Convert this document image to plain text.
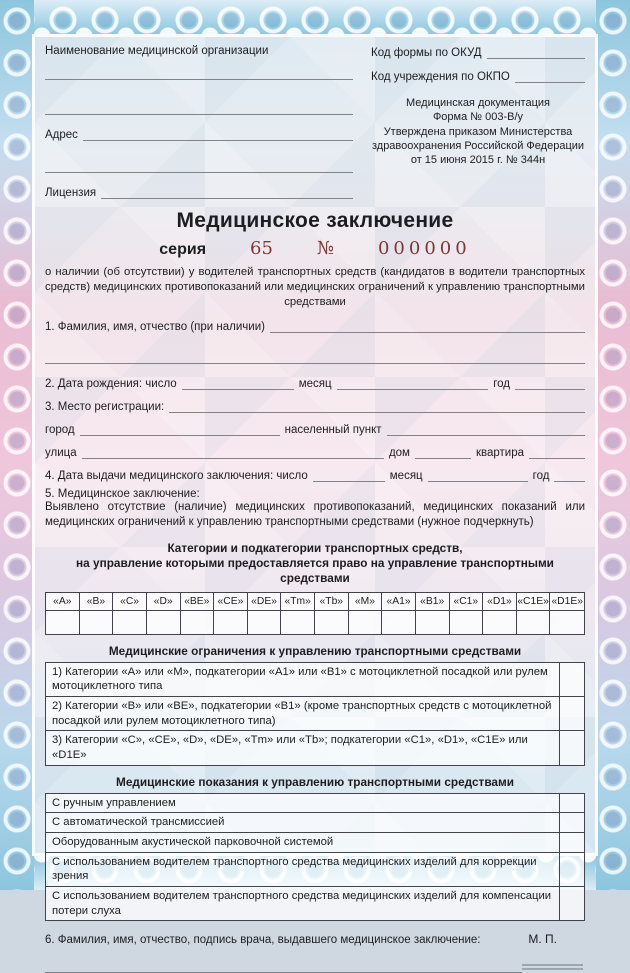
Наименование медицинской организации
Адрес
Лицензия
Код формы по ОКУД
Код учреждения по ОКПО
Медицинская документация
Форма № 003-В/у
Утверждена приказом Министерства
здравоохранения Российской Федерации
от 15 июня 2015 г. № 344н
Медицинское заключение
серия 65 № 000000
о наличии (об отсутствии) у водителей транспортных средств (кандидатов в водители транспортных средств) медицинских противопоказаний или медицинских ограничений к управлению транспортными средствами
1. Фамилия, имя, отчество (при наличии)
2. Дата рождения: число	месяц	год
3. Место регистрации:
город	населенный пункт
улица	дом	квартира
4. Дата выдачи медицинского заключения: число	месяц	год
5. Медицинское заключение:
Выявлено отсутствие (наличие) медицинских противопоказаний, медицинских показаний или медицинских ограничений к управлению транспортными средствами (нужное подчеркнуть)
Категории и подкатегории транспортных средств,
на управление которыми предоставляется право на управление транспортными средствами
«A»	«B»	«C»	«D»	«BE» «CE» «DE» «Tm» «Tb»	«M»	«A1» «B1» «C1» «D1» «C1E» «D1E»
Медицинские ограничения к управлению транспортными средствами
1) Категории «A» или «M», подкатегории «A1» или «B1» с мотоциклетной посадкой или рулем мотоциклетного типа
2) Категории «B» или «BE», подкатегории «B1» (кроме транспортных средств с мотоциклетной посадкой или рулем мотоциклетного типа)
3) Категории «C», «CE», «D», «DE», «Tm» или «Tb»; подкатегории «C1», «D1», «C1E» или «D1E»
Медицинские показания к управлению транспортными средствами
С ручным управлением
С автоматической трансмиссией
Оборудованным акустической парковочной системой
С использованием водителем транспортного средства медицинских изделий для коррекции зрения
С использованием водителем транспортного средства медицинских изделий для компенсации потери слуха
6. Фамилия, имя, отчество, подпись врача, выдавшего медицинское заключение:	М. П.
